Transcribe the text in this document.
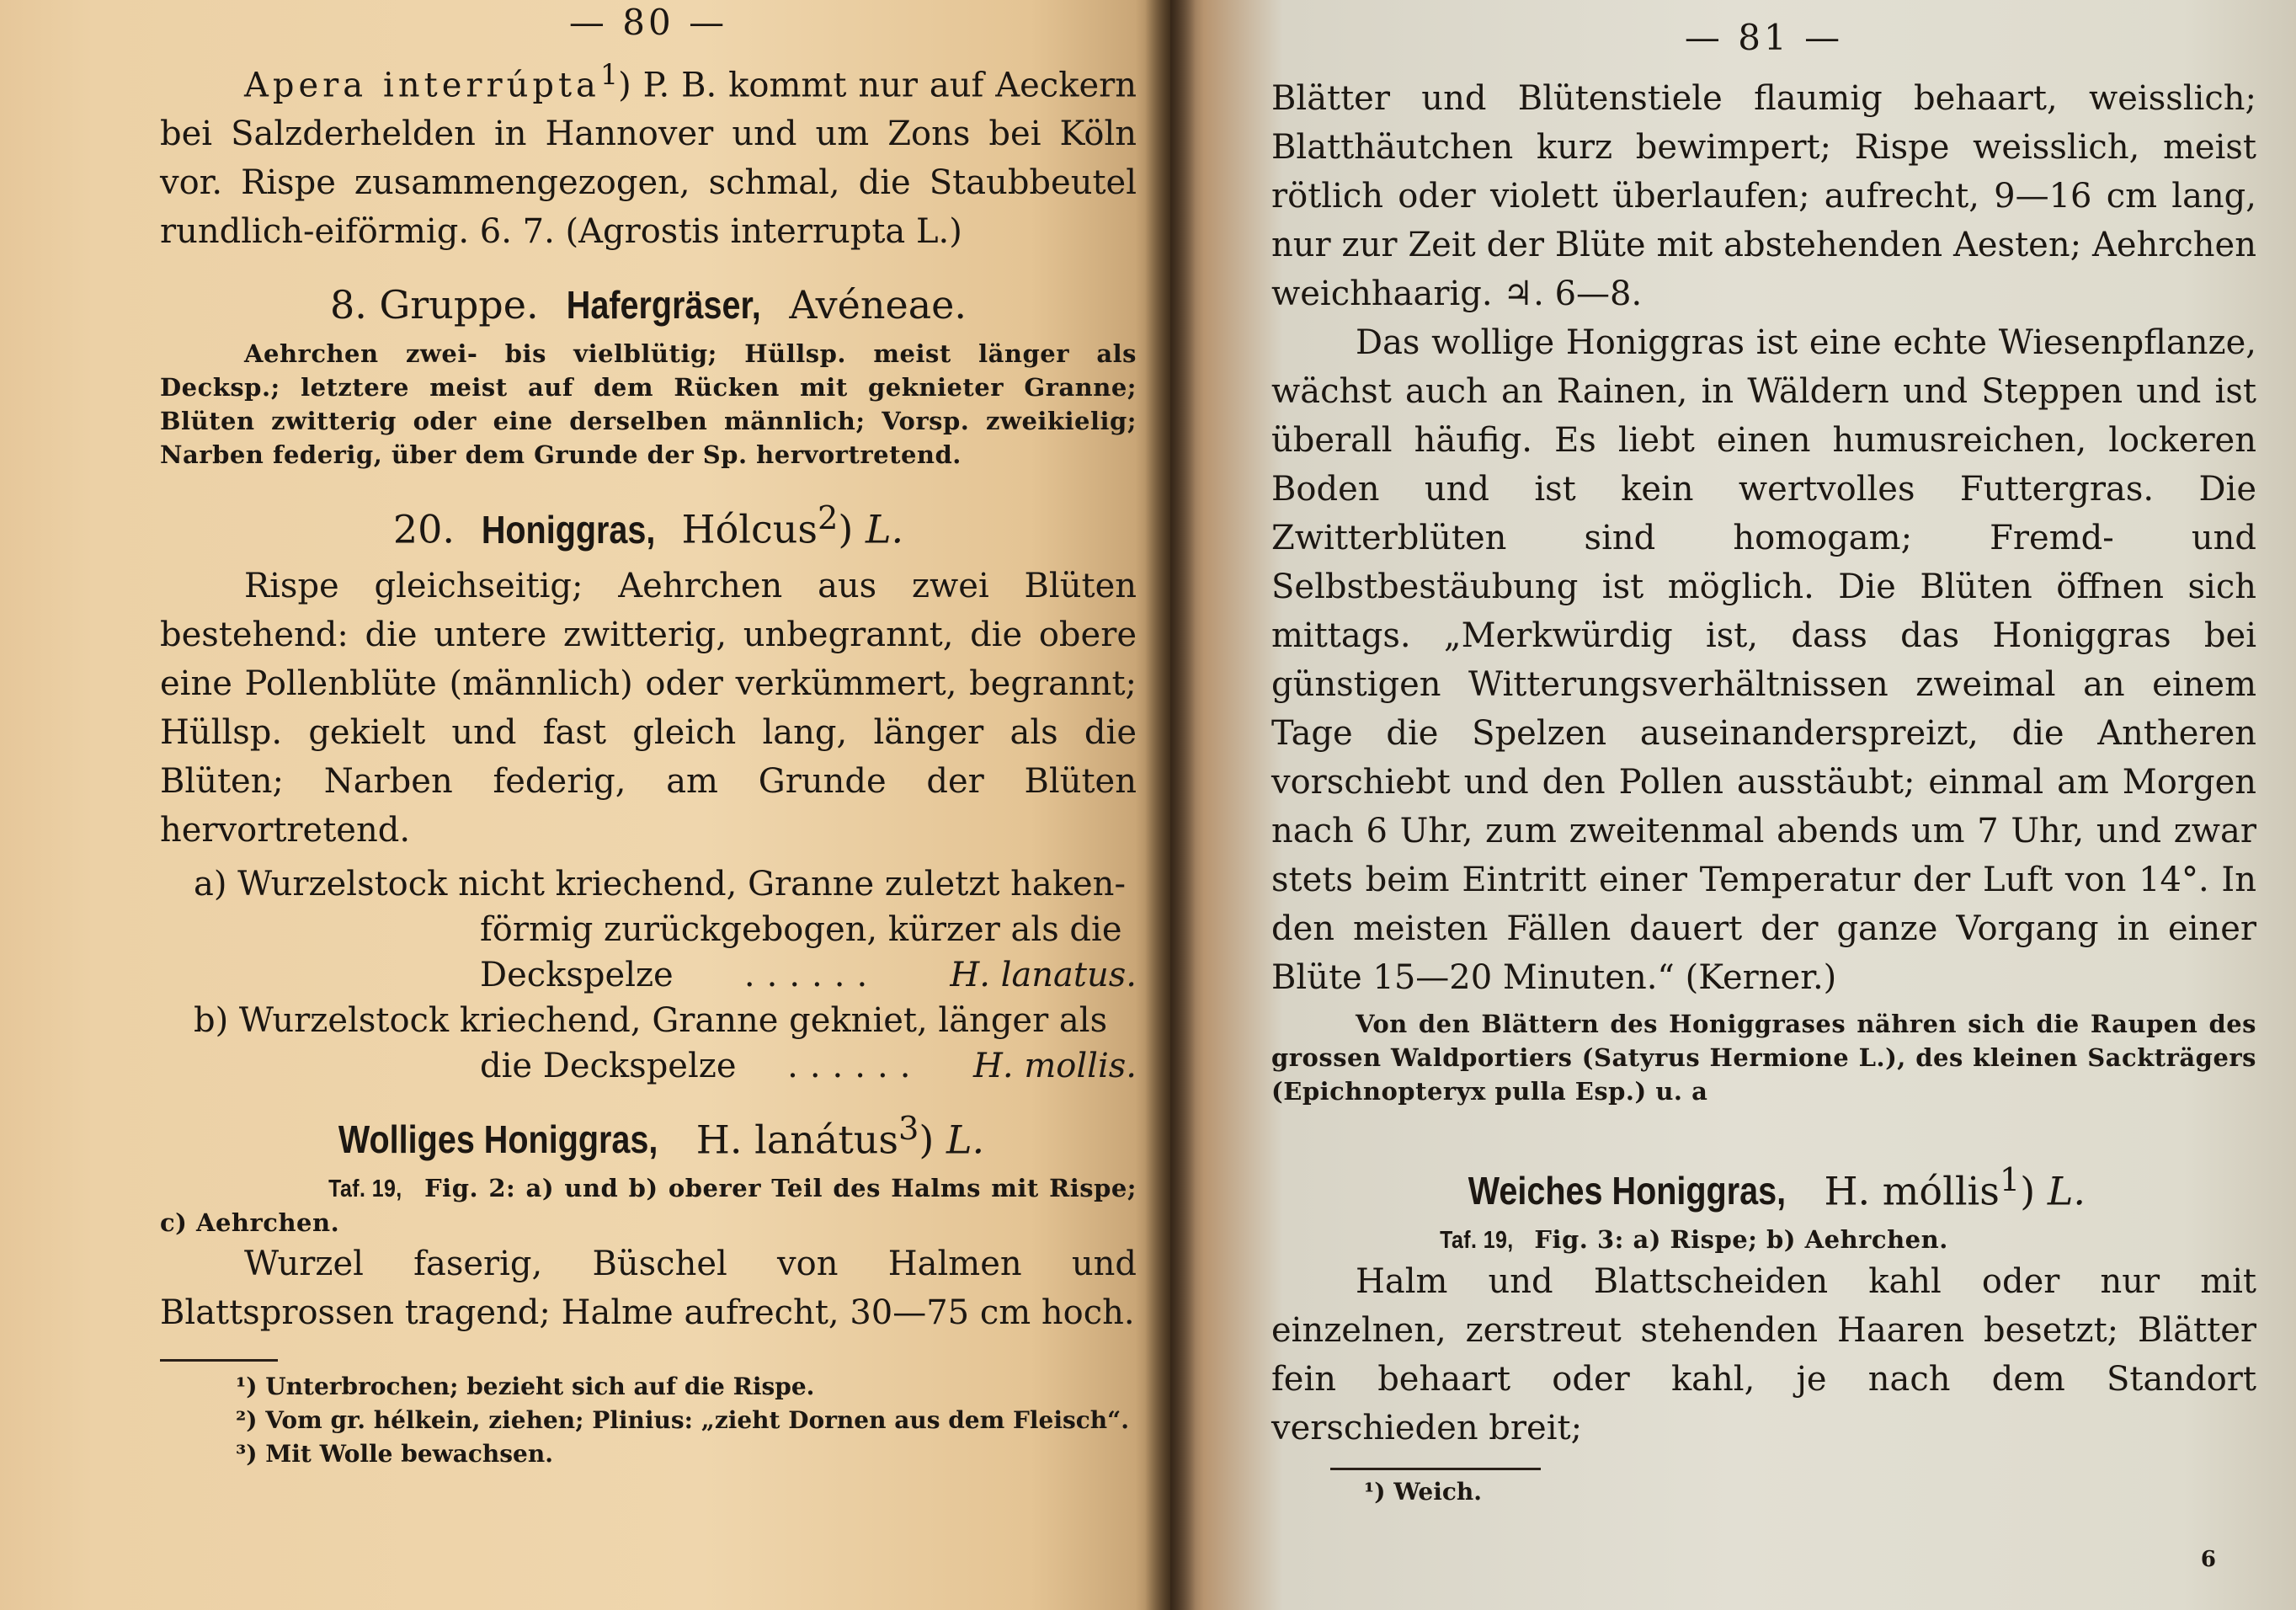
— 80 —

Apera interrúpta$^1$) P. B. kommt nur auf Aeckern bei Salzderhelden in Hannover und um Zons bei Köln vor. Rispe zusammengezogen, schmal, die Staubbeutel rundlich-eiförmig. 6. 7. (Agrostis interrupta L.)

8. Gruppe. Hafergräser, Avéneae.

Aehrchen zwei- bis vielblütig; Hüllsp. meist länger als Decksp.; letztere meist auf dem Rücken mit geknieter Granne; Blüten zwitterig oder eine derselben männlich; Vorsp. zweikielig; Narben federig, über dem Grunde der Sp. hervortretend.

20. Honiggras, Hólcus$^2$) L.

Rispe gleichseitig; Aehrchen aus zwei Blüten bestehend: die untere zwitterig, unbegrannt, die obere eine Pollenblüte (männlich) oder verkümmert, begrannt; Hüllsp. gekielt und fast gleich lang, länger als die Blüten; Narben federig, am Grunde der Blüten hervortretend.

a) Wurzelstock nicht kriechend, Granne zuletzt haken-

förmig zurückgebogen, kürzer als die

Deckspelze ...... H. lanatus.

b) Wurzelstock kriechend, Granne gekniet, länger als

die Deckspelze ...... H. mollis.

Wolliges Honiggras, H. lanátus$^3$) L.

Taf. 19, Fig. 2: a) und b) oberer Teil des Halms mit Rispe; c) Aehrchen.

Wurzel faserig, Büschel von Halmen und Blattsprossen tragend; Halme aufrecht, 30—75 cm hoch.

¹) Unterbrochen; bezieht sich auf die Rispe.

²) Vom gr. hélkein, ziehen; Plinius: „zieht Dornen aus dem Fleisch“.

³) Mit Wolle bewachsen.

— 81 —

Blätter und Blütenstiele flaumig behaart, weisslich; Blatthäutchen kurz bewimpert; Rispe weisslich, meist rötlich oder violett überlaufen; aufrecht, 9—16 cm lang, nur zur Zeit der Blüte mit abstehenden Aesten; Aehrchen weichhaarig. ♃. 6—8.

Das wollige Honiggras ist eine echte Wiesenpflanze, wächst auch an Rainen, in Wäldern und Steppen und ist überall häufig. Es liebt einen humusreichen, lockeren Boden und ist kein wertvolles Futtergras. Die Zwitterblüten sind homogam; Fremd- und Selbstbestäubung ist möglich. Die Blüten öffnen sich mittags. „Merkwürdig ist, dass das Honiggras bei günstigen Witterungsverhältnissen zweimal an einem Tage die Spelzen auseinanderspreizt, die Antheren vorschiebt und den Pollen ausstäubt; einmal am Morgen nach 6 Uhr, zum zweitenmal abends um 7 Uhr, und zwar stets beim Eintritt einer Temperatur der Luft von 14°. In den meisten Fällen dauert der ganze Vorgang in einer Blüte 15—20 Minuten.“ (Kerner.)

Von den Blättern des Honiggrases nähren sich die Raupen des grossen Waldportiers (Satyrus Hermione L.), des kleinen Sackträgers (Epichnopteryx pulla Esp.) u. a

Weiches Honiggras, H. móllis$^1$) L.

Taf. 19, Fig. 3: a) Rispe; b) Aehrchen.

Halm und Blattscheiden kahl oder nur mit einzelnen, zerstreut stehenden Haaren besetzt; Blätter fein behaart oder kahl, je nach dem Standort verschieden breit;

¹) Weich.

6
